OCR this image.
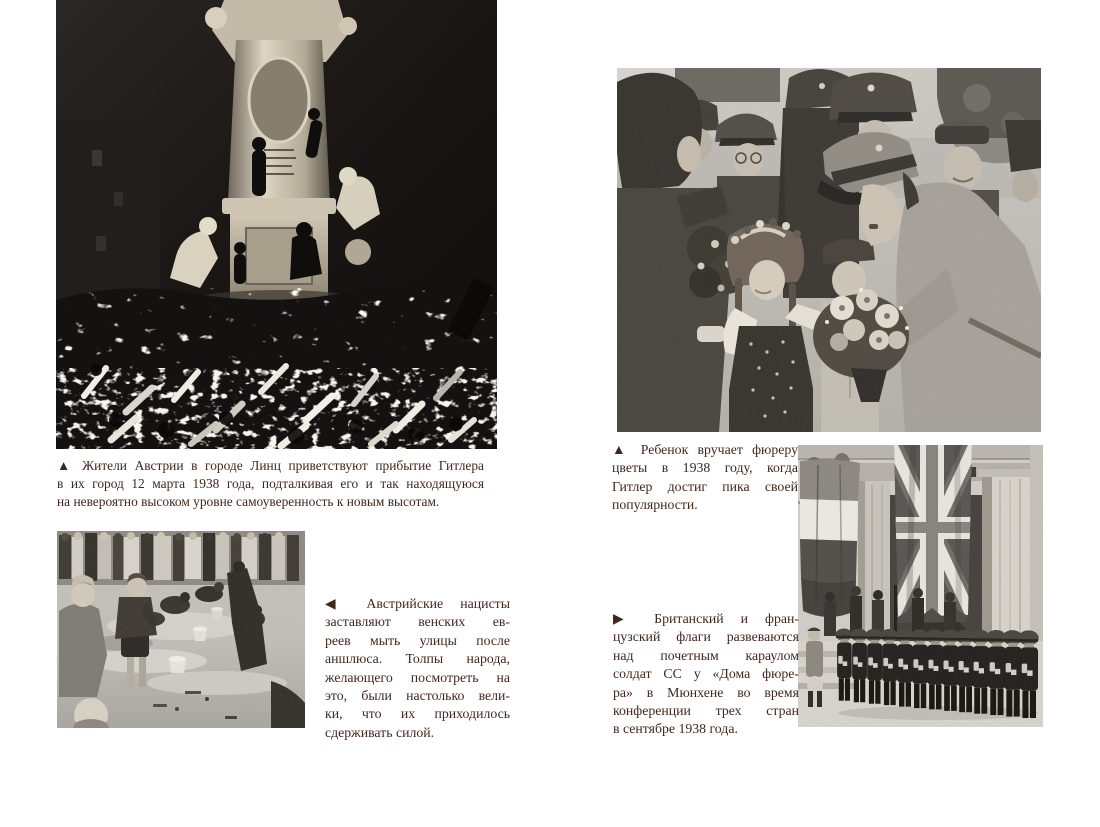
▲ Жители Австрии в городе Линц приветствуют прибытие Гитлера
в их город 12 марта 1938 года, подталкивая его и так находящуюся
на невероятно высоком уровне самоуверенность к новым высотам.
◀ Австрийские нацисты
заставляют венских ев-
реев мыть улицы после
аншлюса. Толпы народа,
желающего посмотреть на
это, были настолько вели-
ки, что их приходилось
сдерживать силой.
▲ Ребенок вручает фюреру
цветы в 1938 году, когда
Гитлер достиг пика своей
популярности.
▶ Британский и фран-
цузский флаги развеваются
над почетным караулом
солдат СС у «Дома фюре-
ра» в Мюнхене во время
конференции трех стран
в сентябре 1938 года.
